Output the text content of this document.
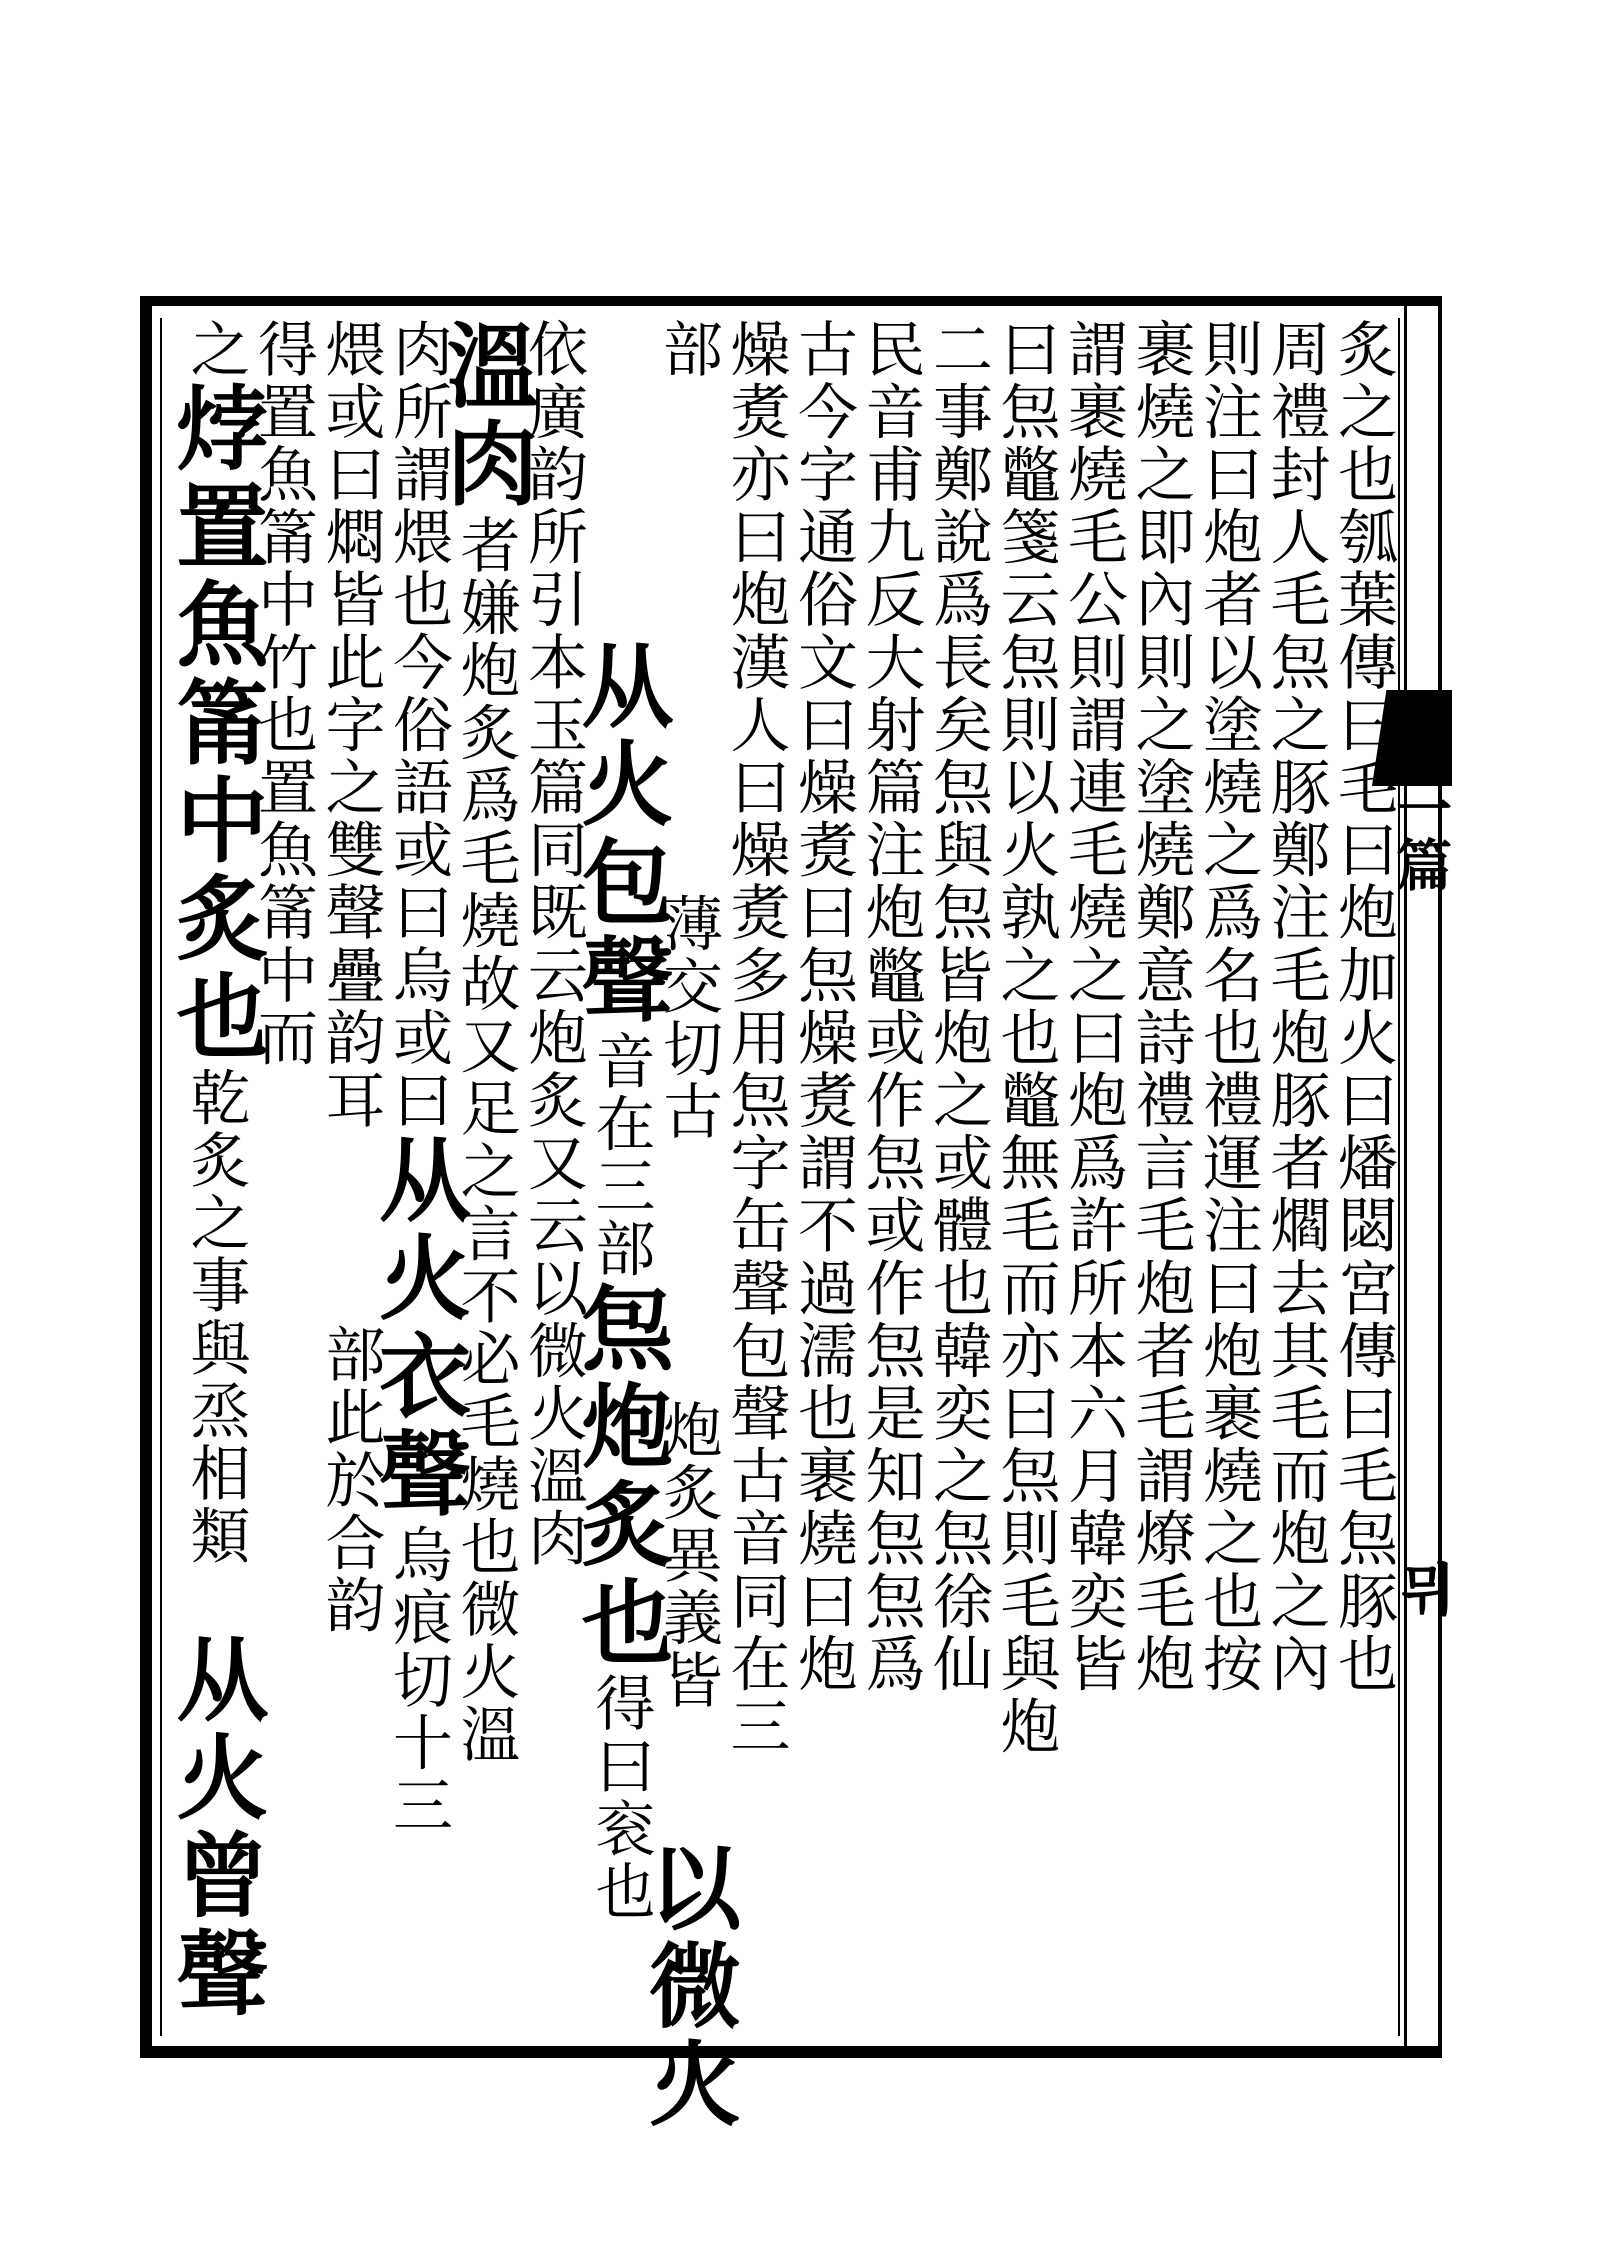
一篇
뮈
炙之也瓠葉傳曰毛曰炮加火曰燔閟宮傳曰毛炰豚也
周禮封人毛炰之豚鄭注毛炮豚者爓去其毛而炮之內
則注曰炮者以塗燒之爲名也禮運注曰炮裹燒之也按
裹燒之即內則之塗燒鄭意詩禮言毛炮者毛謂燎毛炮
謂裹燒毛公則謂連毛燒之曰炮爲許所本六月韓奕皆
曰炰鼈箋云炰則以火孰之也鼈無毛而亦曰炰則毛與炮
二事鄭說爲長矣炰與炰皆炮之或體也韓奕之炰徐仙
民音甫九反大射篇注炮鼈或作炰或作炰是知炰炰爲
古今字通俗文曰燥煑曰炰燥煑謂不過濡也裹燒曰炮
燥煑亦曰炮漢人曰燥煑多用炰字缶聲包聲古音同在三
部薄交切古炮炙異義皆以微火
从火包聲音在三部炰炮炙也得曰衮也
依廣韵所引本玉篇同既云炮炙又云以微火溫肉
溫肉者嫌炮炙爲毛燒故又足之言不必毛燒也微火溫
肉所謂煨也今俗語或曰烏或曰从火衣聲烏痕切十三
煨或曰燜皆此字之雙聲疊韵耳部此於合韵
得置魚筩中竹也置魚筩中而
之㶿置魚筩中炙也乾炙之事與烝相類从火曾聲
